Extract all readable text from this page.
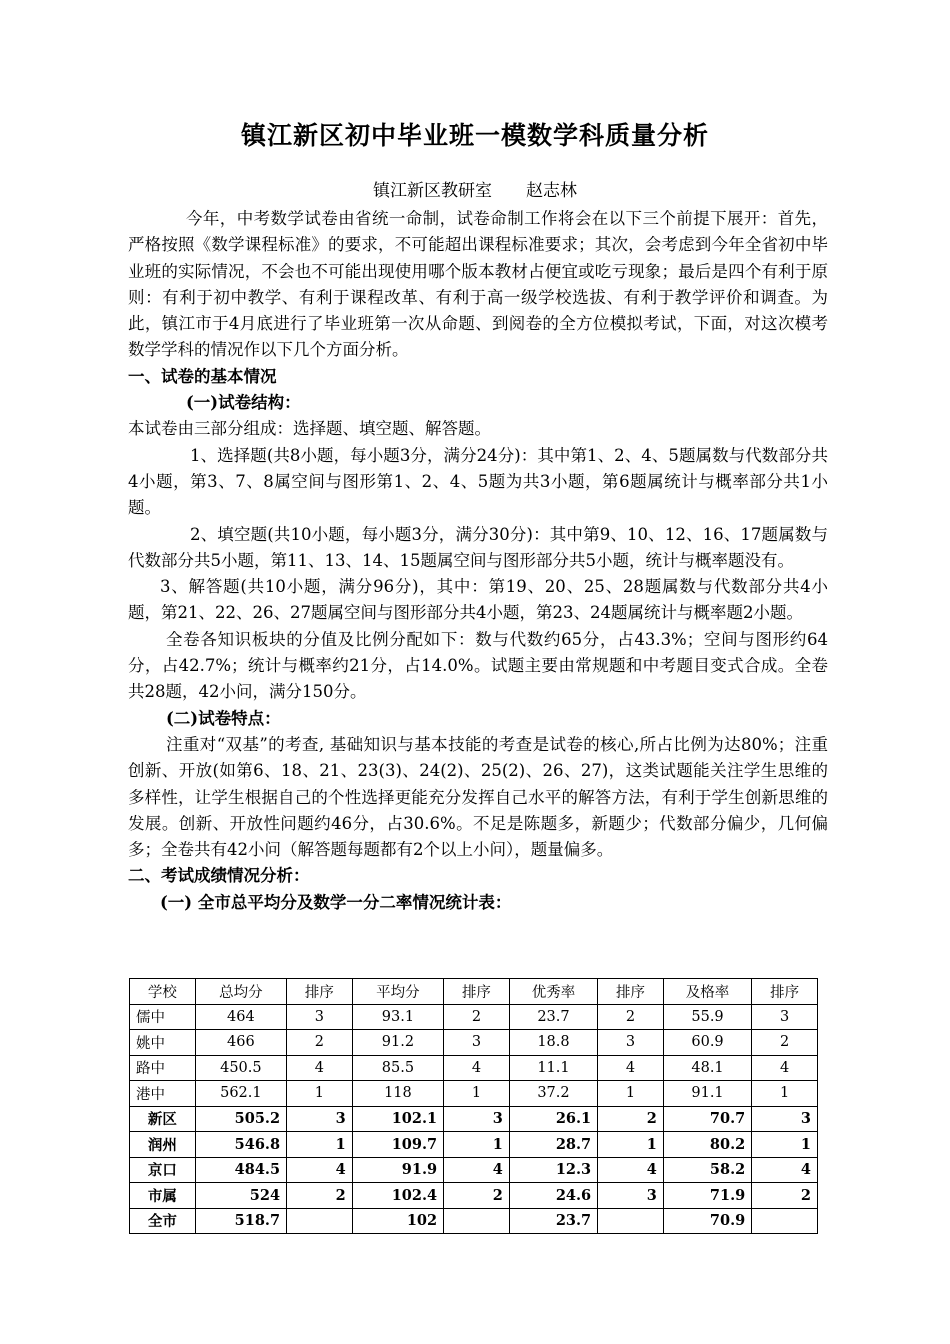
镇江新区初中毕业班一模数学科质量分析
镇江新区教研室 赵志林

今年，中考数学试卷由省统一命制，试卷命制工作将会在以下三个前提下展开：首先，严格按照《数学课程标准》的要求，不可能超出课程标准要求；其次，会考虑到今年全省初中毕业班的实际情况，不会也不可能出现使用哪个版本教材占便宜或吃亏现象；最后是四个有利于原则：有利于初中教学、有利于课程改革、有利于高一级学校选拔、有利于教学评价和调查。为此，镇江市于4月底进行了毕业班第一次从命题、到阅卷的全方位模拟考试，下面，对这次模考数学学科的情况作以下几个方面分析。

一、试卷的基本情况

(一)试卷结构：

本试卷由三部分组成：选择题、填空题、解答题。

1、选择题(共8小题，每小题3分，满分24分)：其中第1、2、4、5题属数与代数部分共4小题，第3、7、8属空间与图形第1、2、4、5题为共3小题，第6题属统计与概率部分共1小题。

2、填空题(共10小题，每小题3分，满分30分)：其中第9、10、12、16、17题属数与代数部分共5小题，第11、13、14、15题属空间与图形部分共5小题，统计与概率题没有。

3、解答题(共10小题，满分96分)，其中：第19、20、25、28题属数与代数部分共4小题，第21、22、26、27题属空间与图形部分共4小题，第23、24题属统计与概率题2小题。

全卷各知识板块的分值及比例分配如下：数与代数约65分，占43.3%；空间与图形约64分，占42.7%；统计与概率约21分，占14.0%。试题主要由常规题和中考题目变式合成。全卷共28题，42小问，满分150分。

(二)试卷特点：

注重对“双基”的考查, 基础知识与基本技能的考查是试卷的核心,所占比例为达80%；注重创新、开放(如第6、18、21、23(3)、24(2)、25(2)、26、27)，这类试题能关注学生思维的多样性，让学生根据自己的个性选择更能充分发挥自己水平的解答方法，有利于学生创新思维的发展。创新、开放性问题约46分，占30.6%。不足是陈题多，新题少；代数部分偏少，几何偏多；全卷共有42小问（解答题每题都有2个以上小问），题量偏多。

二、考试成绩情况分析：

(一) 全市总平均分及数学一分二率情况统计表：

学校	总均分	排序	平均分	排序	优秀率	排序	及格率	排序
儒中	464	3	93.1	2	23.7	2	55.9	3
姚中	466	2	91.2	3	18.8	3	60.9	2
路中	450.5	4	85.5	4	11.1	4	48.1	4
港中	562.1	1	118	1	37.2	1	91.1	1
新区	505.2	3	102.1	3	26.1	2	70.7	3
润州	546.8	1	109.7	1	28.7	1	80.2	1
京口	484.5	4	91.9	4	12.3	4	58.2	4
市属	524	2	102.4	2	24.6	3	71.9	2
全市	518.7		102		23.7		70.9	
